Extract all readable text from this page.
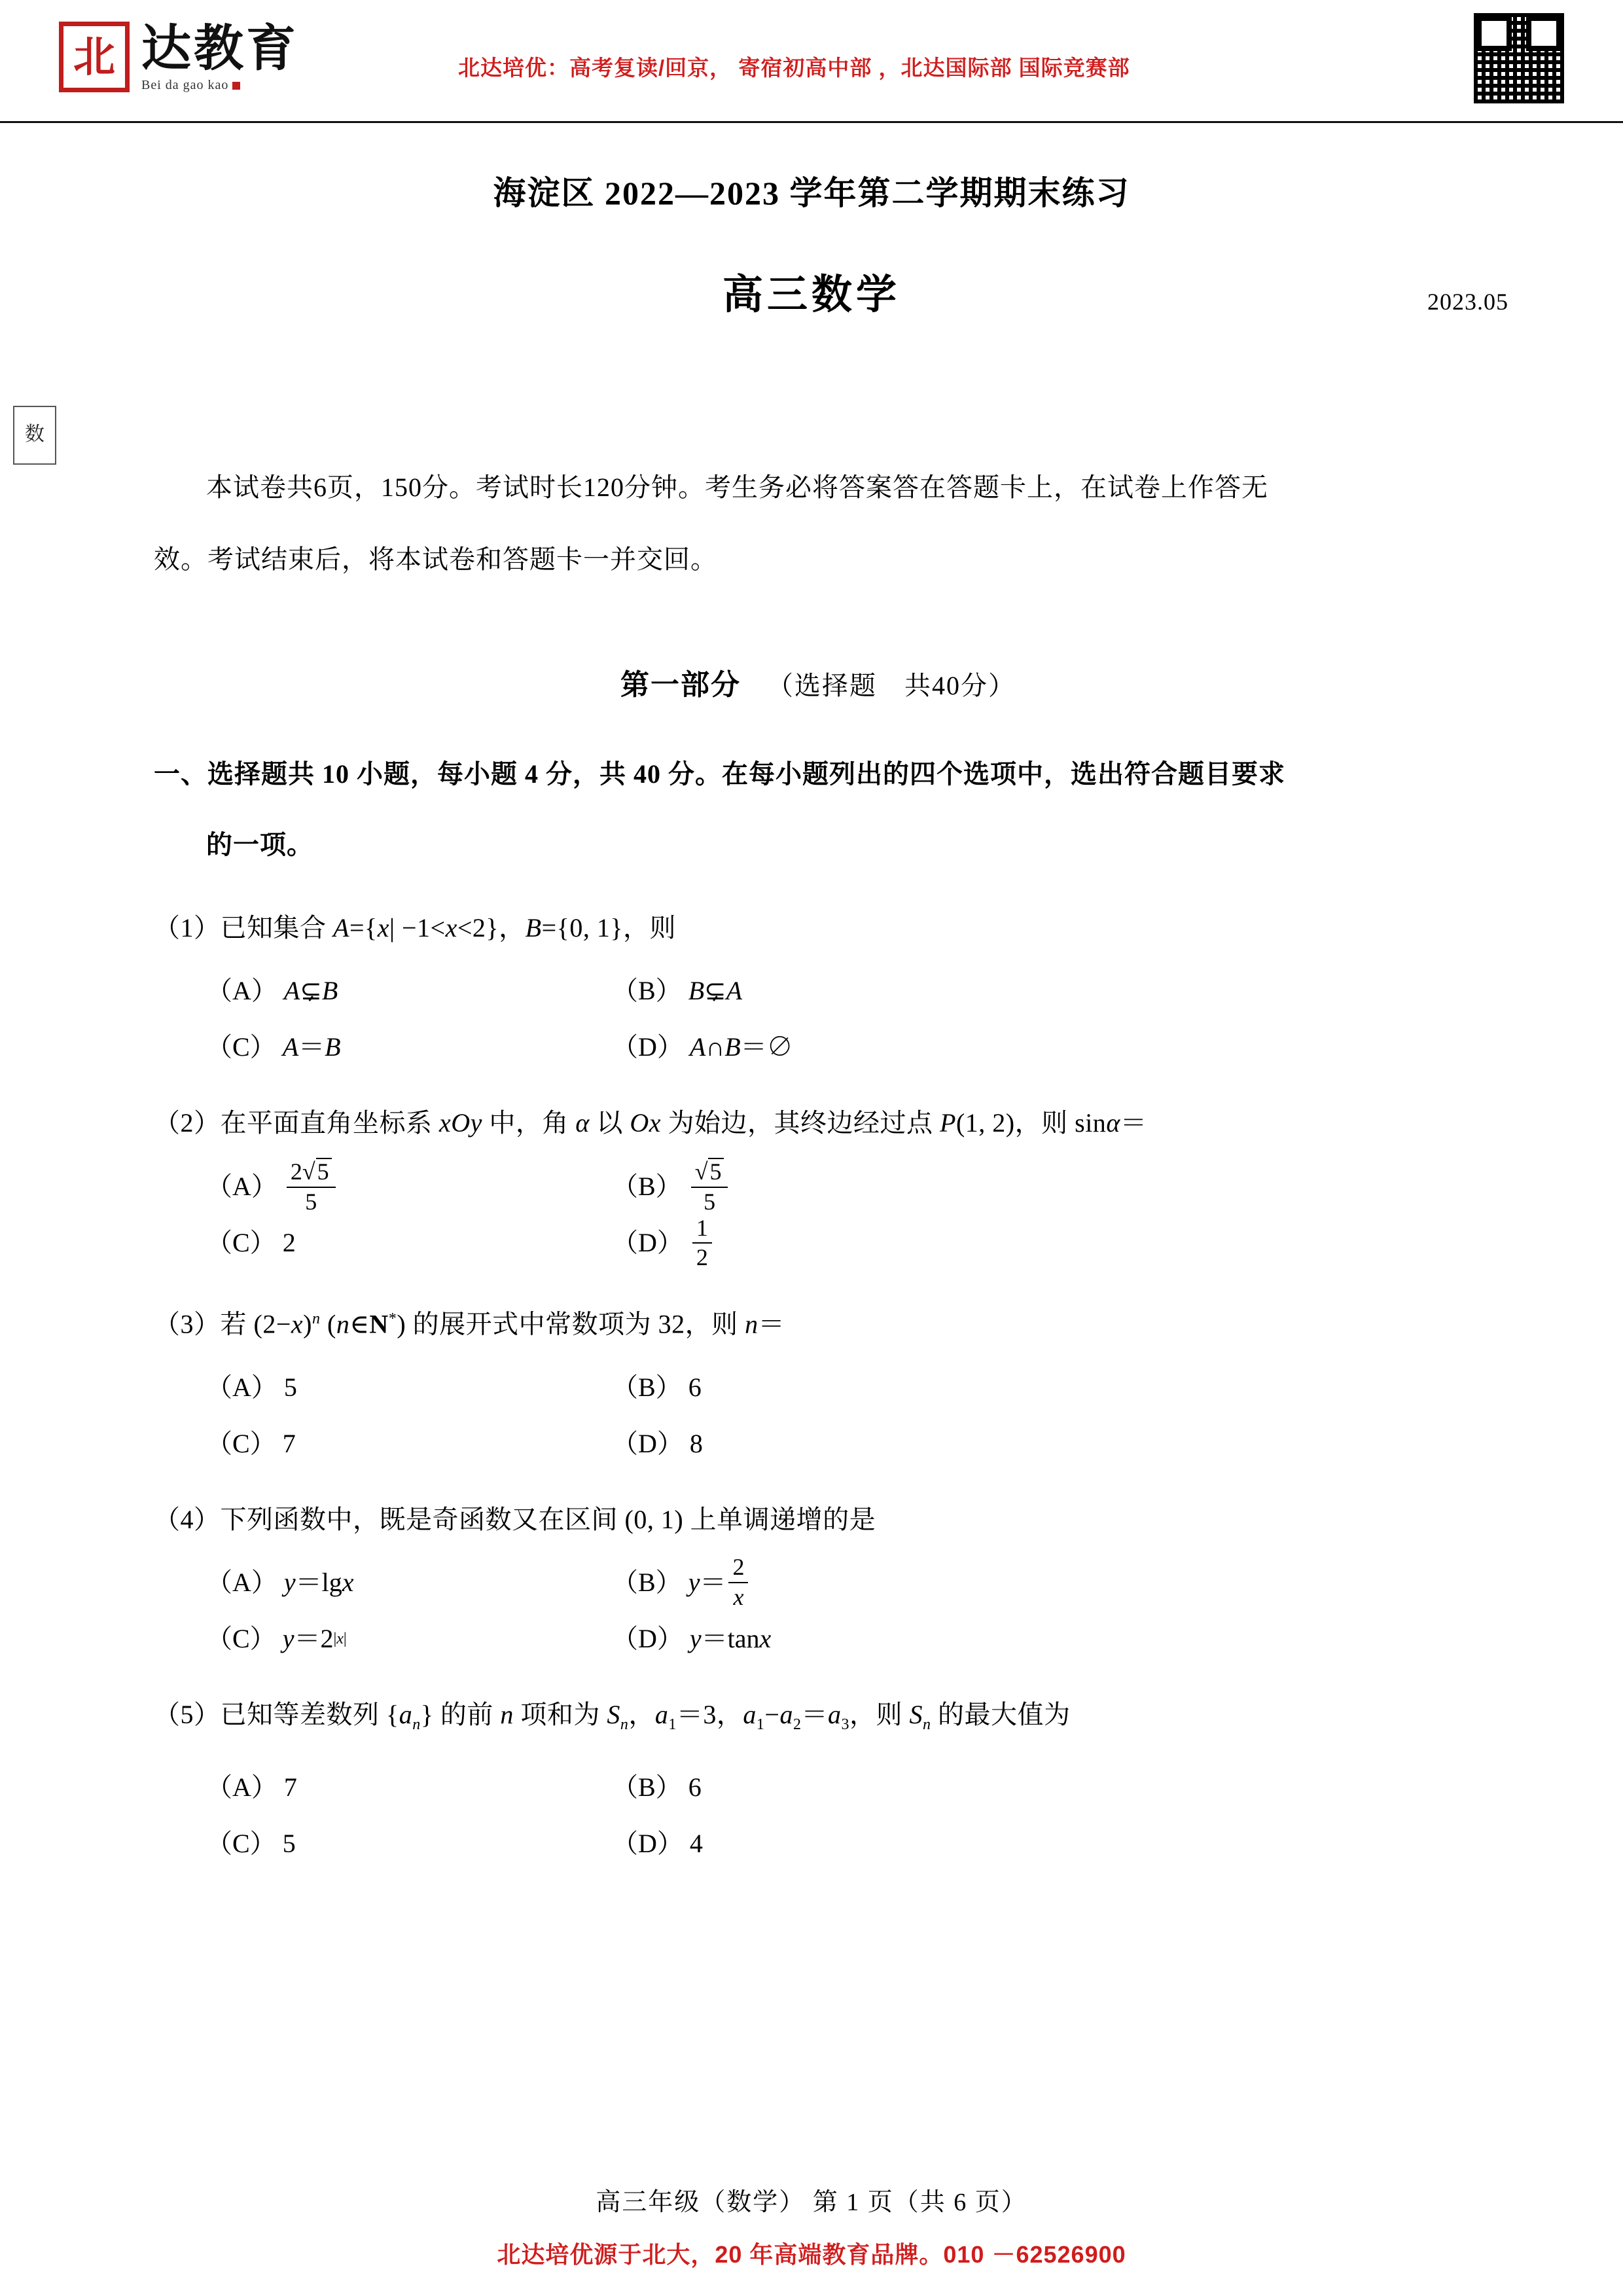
北 达教育
Bei da gao kao
北达培优：高考复读/回京， 寄宿初高中部 ，北达国际部 国际竞赛部
数
海淀区 2022—2023 学年第二学期期末练习
高三数学	2023.05
本试卷共6页，150分。考试时长120分钟。考生务必将答案答在答题卡上，在试卷上作答无
效。考试结束后，将本试卷和答题卡一并交回。
第一部分 （选择题　共40分）
一、选择题共 10 小题，每小题 4 分，共 40 分。在每小题列出的四个选项中，选出符合题目要求
的一项。
（1）已知集合 A={x| −1<x<2}，B={0, 1}，则
（A） A ⊊ B	（B） B ⊊ A
（C） A ＝ B	（D） A ∩ B ＝∅
（2）在平面直角坐标系 xOy 中，角 α 以 Ox 为始边，其终边经过点 P(1, 2)，则 sinα＝
$(A) \frac{2√5}{5}$	$(B) \frac{√5}{5}$
（C） 2	$(D) \frac{1}{2}$
（3）若 $(2-x)^n$ (n∈N*) 的展开式中常数项为 32，则 n＝
（A） 5	（B） 6
（C） 7	（D） 8
（4）下列函数中，既是奇函数又在区间 (0, 1) 上单调递增的是
（A） y ＝lg x	（B） $y = \frac{2}{x}$
（C） y ＝2 |x|	（D） y ＝tan x
（5）已知等差数列 $\{a_n\}$ 的前 n 项和为 $S_n$，$a_1=3$，$a_1-a_2=a_3$，则 $S_n$ 的最大值为
（A） 7	（B） 6
（C） 5	（D） 4
高三年级（数学） 第 1 页（共 6 页）
北达培优源于北大，20 年高端教育品牌。010 －62526900
